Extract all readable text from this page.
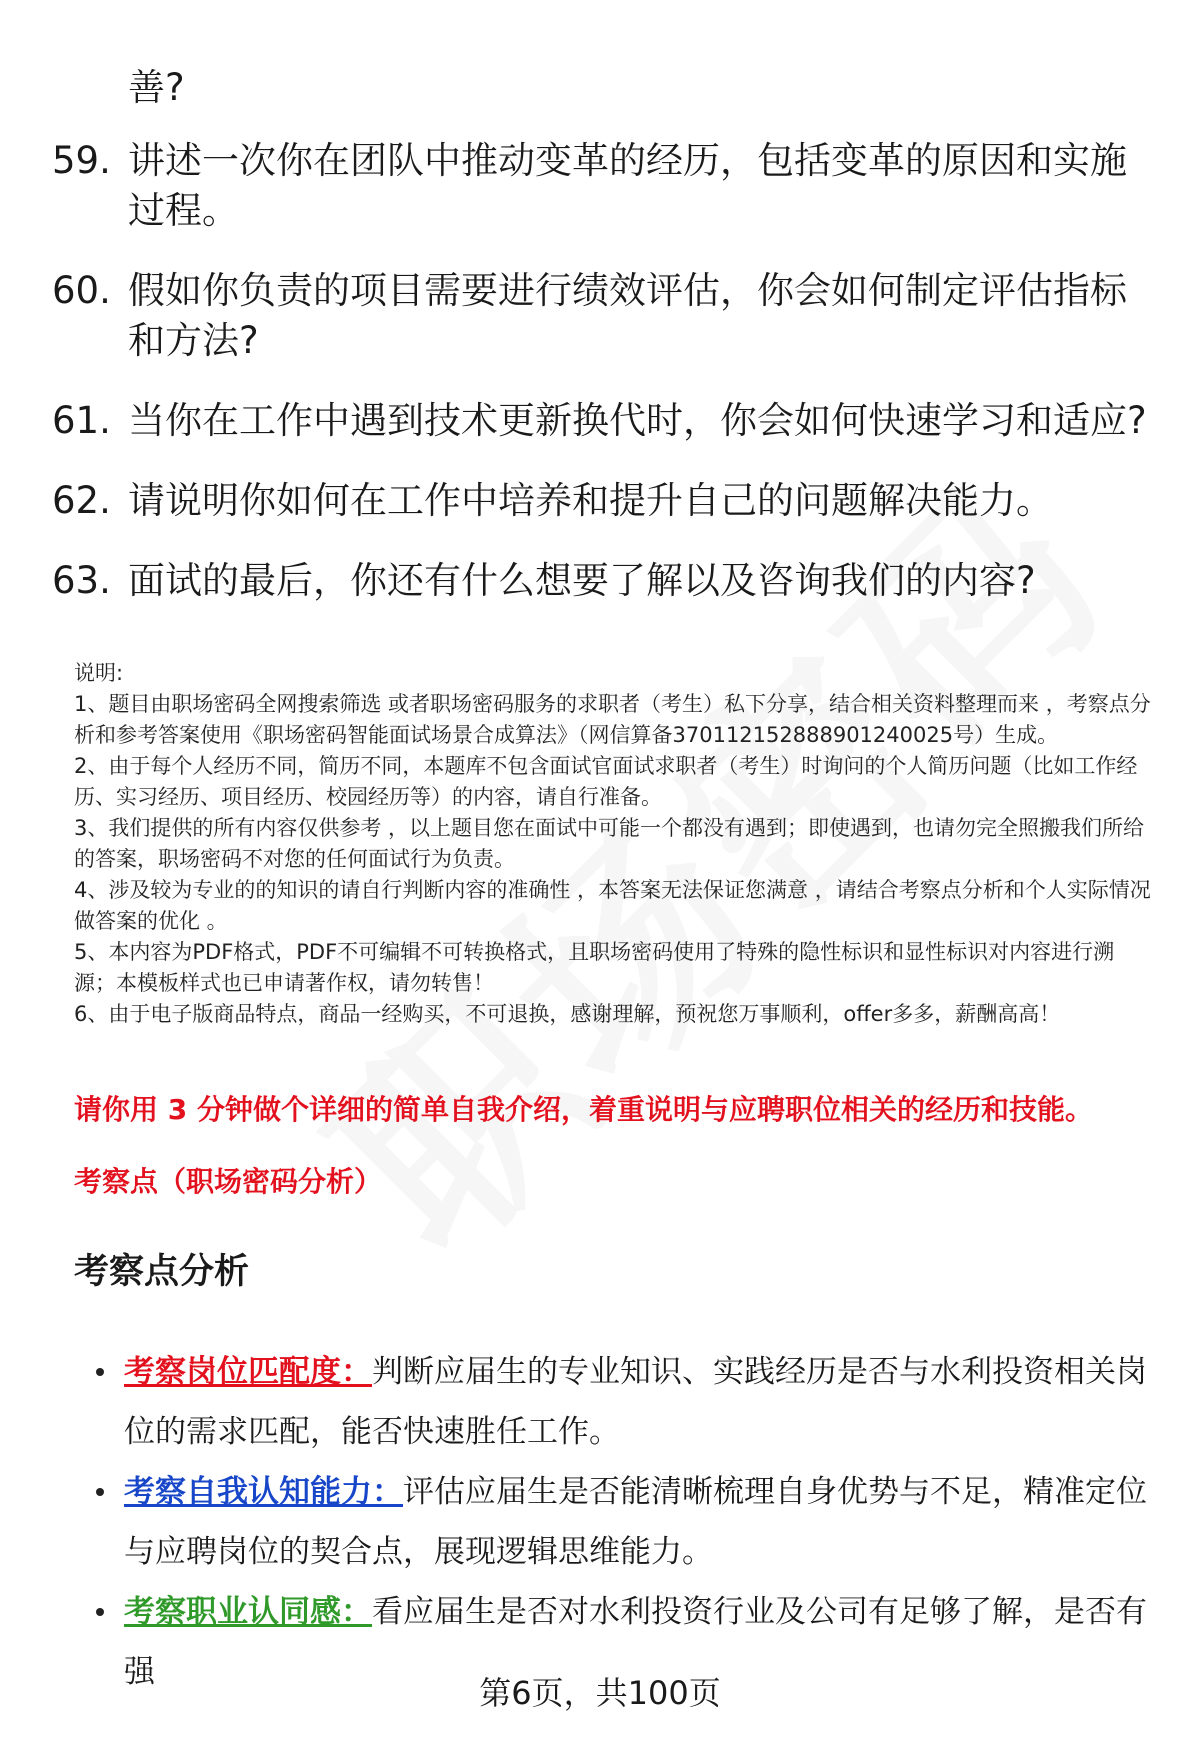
善?
59. 讲述一次你在团队中推动变革的经历，包括变革的原因和实施过程。
60. 假如你负责的项目需要进行绩效评估，你会如何制定评估指标和方法?
61. 当你在工作中遇到技术更新换代时，你会如何快速学习和适应?
62. 请说明你如何在工作中培养和提升自己的问题解决能力。
63. 面试的最后，你还有什么想要了解以及咨询我们的内容?

说明:

1、题目由职场密码全网搜索筛选 或者职场密码服务的求职者（考生）私下分享，结合相关资料整理而来 ，考察点分析和参考答案使用《职场密码智能面试场景合成算法》（网信算备370112152888901240025号）生成。

2、由于每个人经历不同，简历不同，本题库不包含面试官面试求职者（考生）时询问的个人简历问题（比如工作经历、实习经历、项目经历、校园经历等）的内容，请自行准备。

3、我们提供的所有内容仅供参考 ，以上题目您在面试中可能一个都没有遇到；即使遇到，也请勿完全照搬我们所给的答案，职场密码不对您的任何面试行为负责。

4、涉及较为专业的的知识的请自行判断内容的准确性 ，本答案无法保证您满意 ，请结合考察点分析和个人实际情况做答案的优化 。

5、本内容为PDF格式，PDF不可编辑不可转换格式，且职场密码使用了特殊的隐性标识和显性标识对内容进行溯源；本模板样式也已申请著作权，请勿转售！

6、由于电子版商品特点，商品一经购买，不可退换，感谢理解，预祝您万事顺利，offer多多，薪酬高高！

请你用 3 分钟做个详细的简单自我介绍，着重说明与应聘职位相关的经历和技能。
考察点（职场密码分析）
考察点分析
考察岗位匹配度：判断应届生的专业知识、实践经历是否与水利投资相关岗位的需求匹配，能否快速胜任工作。
考察自我认知能力：评估应届生是否能清晰梳理自身优势与不足，精准定位与应聘岗位的契合点，展现逻辑思维能力。
考察职业认同感：看应届生是否对水利投资行业及公司有足够了解，是否有强
第6页，共100页
